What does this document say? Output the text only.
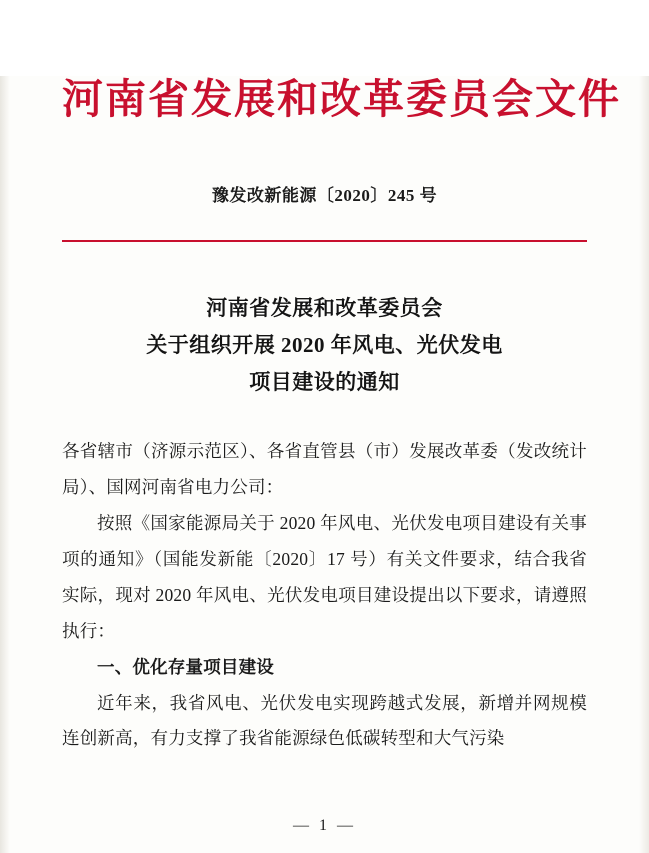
河南省发展和改革委员会文件
豫发改新能源〔2020〕245 号
河南省发展和改革委员会
关于组织开展 2020 年风电、光伏发电
项目建设的通知

各省辖市（济源示范区）、各省直管县（市）发展改革委（发改统计局）、国网河南省电力公司：

按照《国家能源局关于 2020 年风电、光伏发电项目建设有关事项的通知》（国能发新能〔2020〕17 号）有关文件要求，结合我省实际，现对 2020 年风电、光伏发电项目建设提出以下要求，请遵照执行：

一、优化存量项目建设

近年来，我省风电、光伏发电实现跨越式发展，新增并网规模连创新高，有力支撑了我省能源绿色低碳转型和大气污染

— 1 —
